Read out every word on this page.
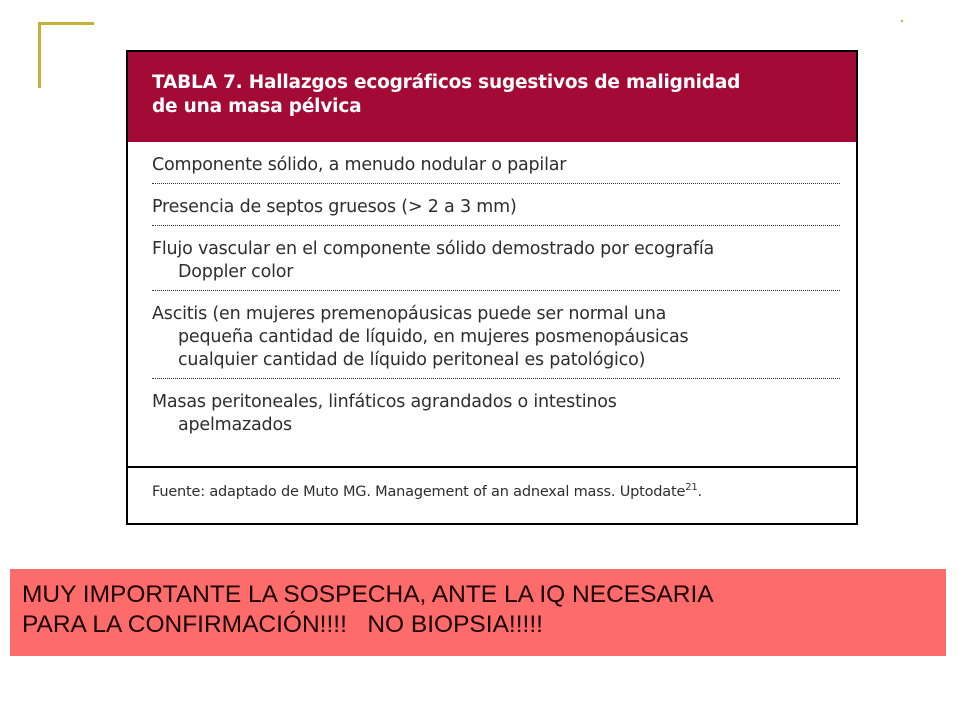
TABLA 7. Hallazgos ecográficos sugestivos de malignidad
de una masa pélvica
Componente sólido, a menudo nodular o papilar
Presencia de septos gruesos (> 2 a 3 mm)
Flujo vascular en el componente sólido demostrado por ecografía
Doppler color
Ascitis (en mujeres premenopáusicas puede ser normal una
pequeña cantidad de líquido, en mujeres posmenopáusicas
cualquier cantidad de líquido peritoneal es patológico)
Masas peritoneales, linfáticos agrandados o intestinos
apelmazados
Fuente: adaptado de Muto MG. Management of an adnexal mass. Uptodate$^{21}$.
MUY IMPORTANTE LA SOSPECHA, ANTE LA IQ NECESARIA
PARA LA CONFIRMACIÓN!!!!   NO BIOPSIA!!!!!
